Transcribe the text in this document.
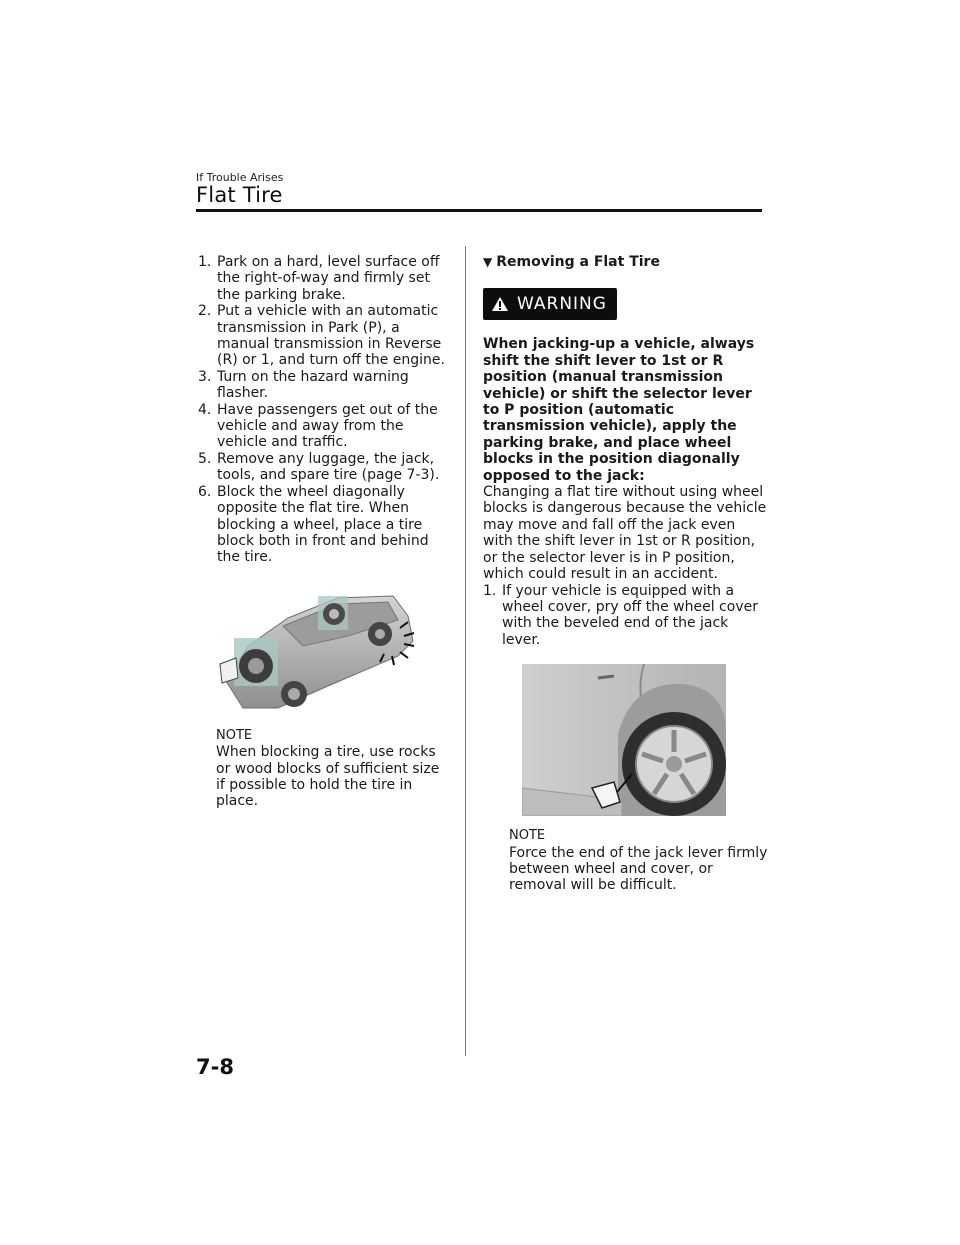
If Trouble Arises
Flat Tire
1. Park on a hard, level surface off the right-of-way and firmly set the parking brake.
2. Put a vehicle with an automatic transmission in Park (P), a manual transmission in Reverse (R) or 1, and turn off the engine.
3. Turn on the hazard warning flasher.
4. Have passengers get out of the vehicle and away from the vehicle and traffic.
5. Remove any luggage, the jack, tools, and spare tire (page 7-3).
6. Block the wheel diagonally opposite the flat tire. When blocking a wheel, place a tire block both in front and behind the tire.
NOTE
When blocking a tire, use rocks or wood blocks of sufficient size if possible to hold the tire in place.
▼ Removing a Flat Tire
WARNING
When jacking-up a vehicle, always shift the shift lever to 1st or R position (manual transmission vehicle) or shift the selector lever to P position (automatic transmission vehicle), apply the parking brake, and place wheel blocks in the position diagonally opposed to the jack:
Changing a flat tire without using wheel blocks is dangerous because the vehicle may move and fall off the jack even with the shift lever in 1st or R position, or the selector lever is in P position, which could result in an accident.
1. If your vehicle is equipped with a wheel cover, pry off the wheel cover with the beveled end of the jack lever.
NOTE
Force the end of the jack lever firmly between wheel and cover, or removal will be difficult.
7-8
